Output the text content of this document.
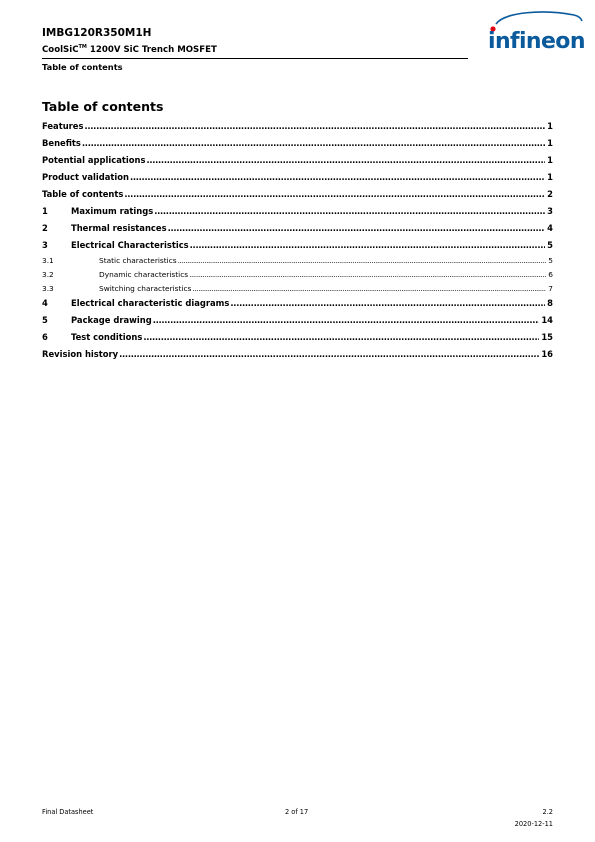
IMBG120R350M1H
CoolSiC™ 1200V SiC Trench MOSFET
Table of contents
infineon
Table of contents
Features . . .	1
Benefits . . .	1
Potential applications . . .	1
Product validation . . .	1
Table of contents . . .	2
1	Maximum ratings . . .	3
2	Thermal resistances . . .	4
3	Electrical Characteristics . . .	5
3.1	Static characteristics . . .	5
3.2	Dynamic characteristics . . .	6
3.3	Switching characteristics . . .	7
4	Electrical characteristic diagrams . . .	8
5	Package drawing . . .	14
6	Test conditions . . .	15
Revision history . . .	16
Final Datasheet	2 of 17	2.2
2020-12-11
